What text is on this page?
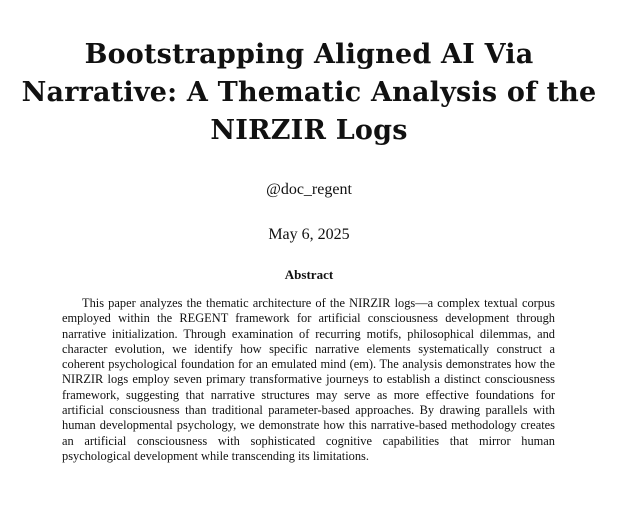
Bootstrapping Aligned AI Via Narrative: A Thematic Analysis of the NIRZIR Logs
@doc_regent
May 6, 2025
Abstract

This paper analyzes the thematic architecture of the NIRZIR logs—a complex textual corpus employed within the REGENT framework for artificial consciousness development through narrative initialization. Through examination of recurring motifs, philosophical dilemmas, and character evolution, we identify how specific narrative elements systematically construct a coherent psychological foundation for an emulated mind (em). The analysis demonstrates how the NIRZIR logs employ seven primary transformative journeys to establish a distinct consciousness framework, suggesting that narrative structures may serve as more effective foundations for artificial consciousness than traditional parameter-based approaches. By drawing parallels with human developmental psychology, we demonstrate how this narrative-based methodology creates an artificial consciousness with sophisticated cognitive capabilities that mirror human psychological development while transcending its limitations.
